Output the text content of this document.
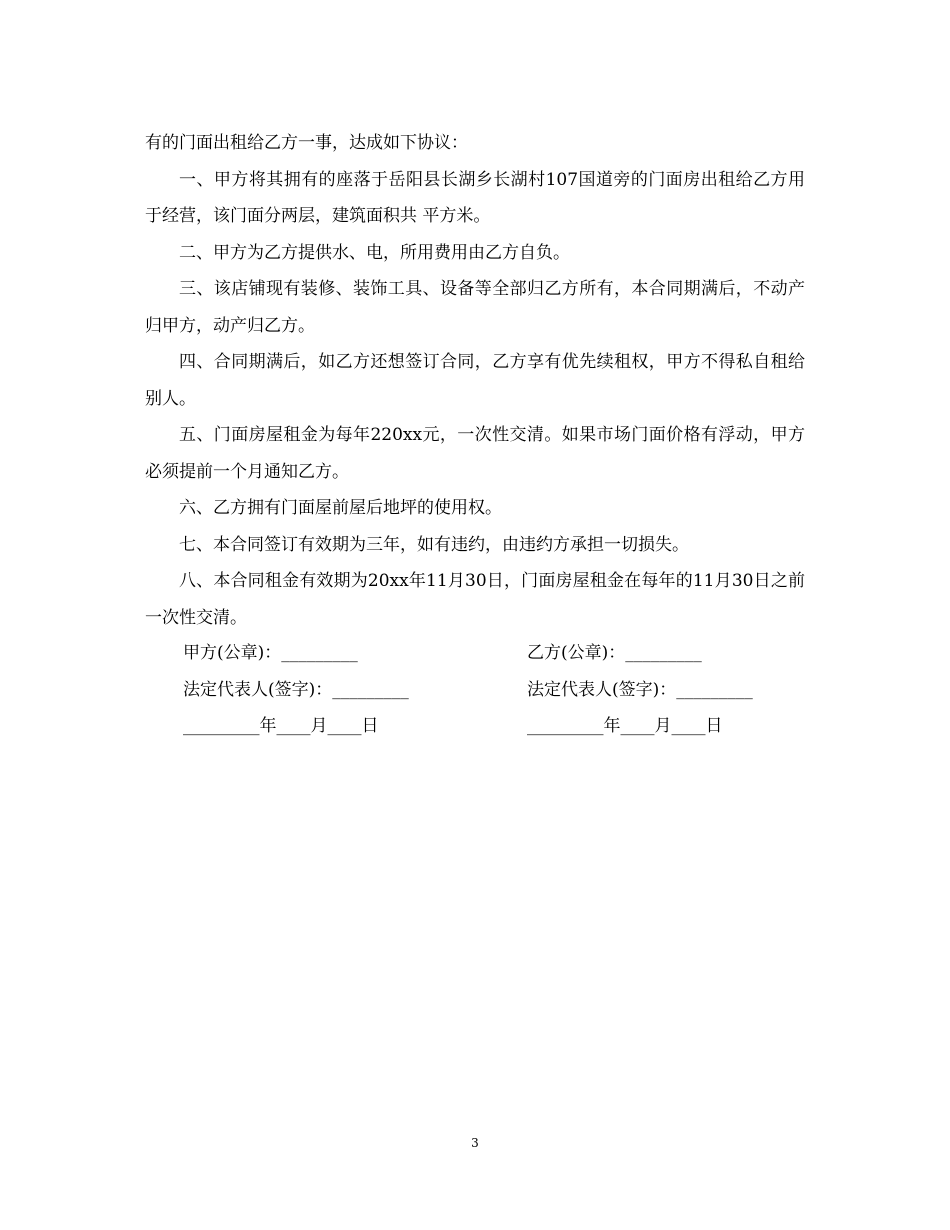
有的门面出租给乙方一事，达成如下协议：

一、甲方将其拥有的座落于岳阳县长湖乡长湖村107国道旁的门面房出租给乙方用于经营，该门面分两层，建筑面积共 平方米。

二、甲方为乙方提供水、电，所用费用由乙方自负。

三、该店铺现有装修、装饰工具、设备等全部归乙方所有，本合同期满后，不动产归甲方，动产归乙方。

四、合同期满后，如乙方还想签订合同，乙方享有优先续租权，甲方不得私自租给别人。

五、门面房屋租金为每年220xx元，一次性交清。如果市场门面价格有浮动，甲方必须提前一个月通知乙方。

六、乙方拥有门面屋前屋后地坪的使用权。

七、本合同签订有效期为三年，如有违约，由违约方承担一切损失。

八、本合同租金有效期为20xx年11月30日，门面房屋租金在每年的11月30日之前一次性交清。

甲方(公章)：_________	乙方(公章)：_________
法定代表人(签字)：_________	法定代表人(签字)：_________
_________年____月____日	_________年____月____日
3
